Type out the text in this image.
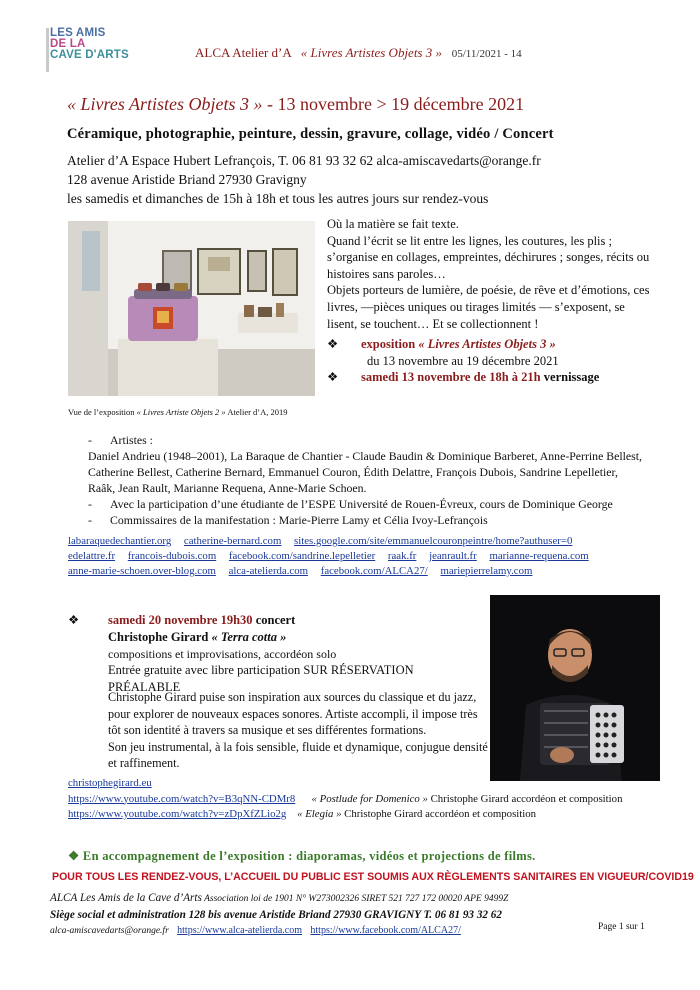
LES AMIS
DE LA
CAVE D'ARTS	ALCA Atelier d’A « Livres Artistes Objets 3 » 05/11/2021 - 14
« Livres Artistes Objets 3 » - 13 novembre > 19 décembre 2021
Céramique, photographie, peinture, dessin, gravure, collage, vidéo / Concert
Atelier d’A Espace Hubert Lefrançois, T. 06 81 93 32 62 alca-amiscavedarts@orange.fr
128 avenue Aristide Briand 27930 Gravigny
les samedis et dimanches de 15h à 18h et tous les autres jours sur rendez-vous
Vue de l’exposition « Livres Artiste Objets 2 » Atelier d’A, 2019

Où la matière se fait texte.

Quand l’écrit se lit entre les lignes, les coutures, les plis ; s’organise en collages, empreintes, déchirures ; songes, récits ou histoires sans paroles…

Objets porteurs de lumière, de poésie, de rêve et d’émotions, ces livres, —pièces uniques ou tirages limités — s’exposent, se lisent, se touchent… Et se collectionnent !

❖ exposition « Livres Artistes Objets 3 »
du 13 novembre au 19 décembre 2021
❖ samedi 13 novembre de 18h à 21h vernissage
- Artistes :
Daniel Andrieu (1948–2001), La Baraque de Chantier - Claude Baudin & Dominique Barberet, Anne-Perrine Bellest, Catherine Bellest, Catherine Bernard, Emmanuel Couron, Édith Delattre, François Dubois, Sandrine Lepelletier, Raâk, Jean Rault, Marianne Requena, Anne-Marie Schoen.
- Avec la participation d’une étudiante de l’ESPE Université de Rouen-Évreux, cours de Dominique George
- Commissaires de la manifestation : Marie-Pierre Lamy et Célia Ivoy-Lefrançois
labaraquedechantier.org catherine-bernard.com sites.google.com/site/emmanuelcouronpeintre/home?authuser=0
edelattre.fr francois-dubois.com facebook.com/sandrine.lepelletier raak.fr jeanrault.fr marianne-requena.com
anne-marie-schoen.over-blog.com alca-atelierda.com facebook.com/ALCA27/ mariepierrelamy.com
❖ samedi 20 novembre 19h30 concert
Christophe Girard « Terra cotta »
compositions et improvisations, accordéon solo
Entrée gratuite avec libre participation SUR RÉSERVATION PRÉALABLE
Christophe Girard puise son inspiration aux sources du classique et du jazz, pour explorer de nouveaux espaces sonores. Artiste accompli, il impose très tôt son identité à travers sa musique et ses différentes formations.
Son jeu instrumental, à la fois sensible, fluide et dynamique, conjugue densité et raffinement.
christophegirard.eu
https://www.youtube.com/watch?v=B3qNN-CDMr8 « Postlude for Domenico » Christophe Girard accordéon et composition
https://www.youtube.com/watch?v=zDpXfZLio2g « Elegia » Christophe Girard accordéon et composition
❖ En accompagnement de l’exposition : diaporamas, vidéos et projections de films.
POUR TOUS LES RENDEZ-VOUS, L’ACCUEIL DU PUBLIC EST SOUMIS AUX RÈGLEMENTS SANITAIRES EN VIGUEUR/COVID19
ALCA Les Amis de la Cave d’Arts Association loi de 1901 N° W273002326 SIRET 521 727 172 00020 APE 9499Z
Siège social et administration 128 bis avenue Aristide Briand 27930 GRAVIGNY T. 06 81 93 32 62
alca-amiscavedarts@orange.fr https://www.alca-atelierda.com https://www.facebook.com/ALCA27/	Page 1 sur 1
